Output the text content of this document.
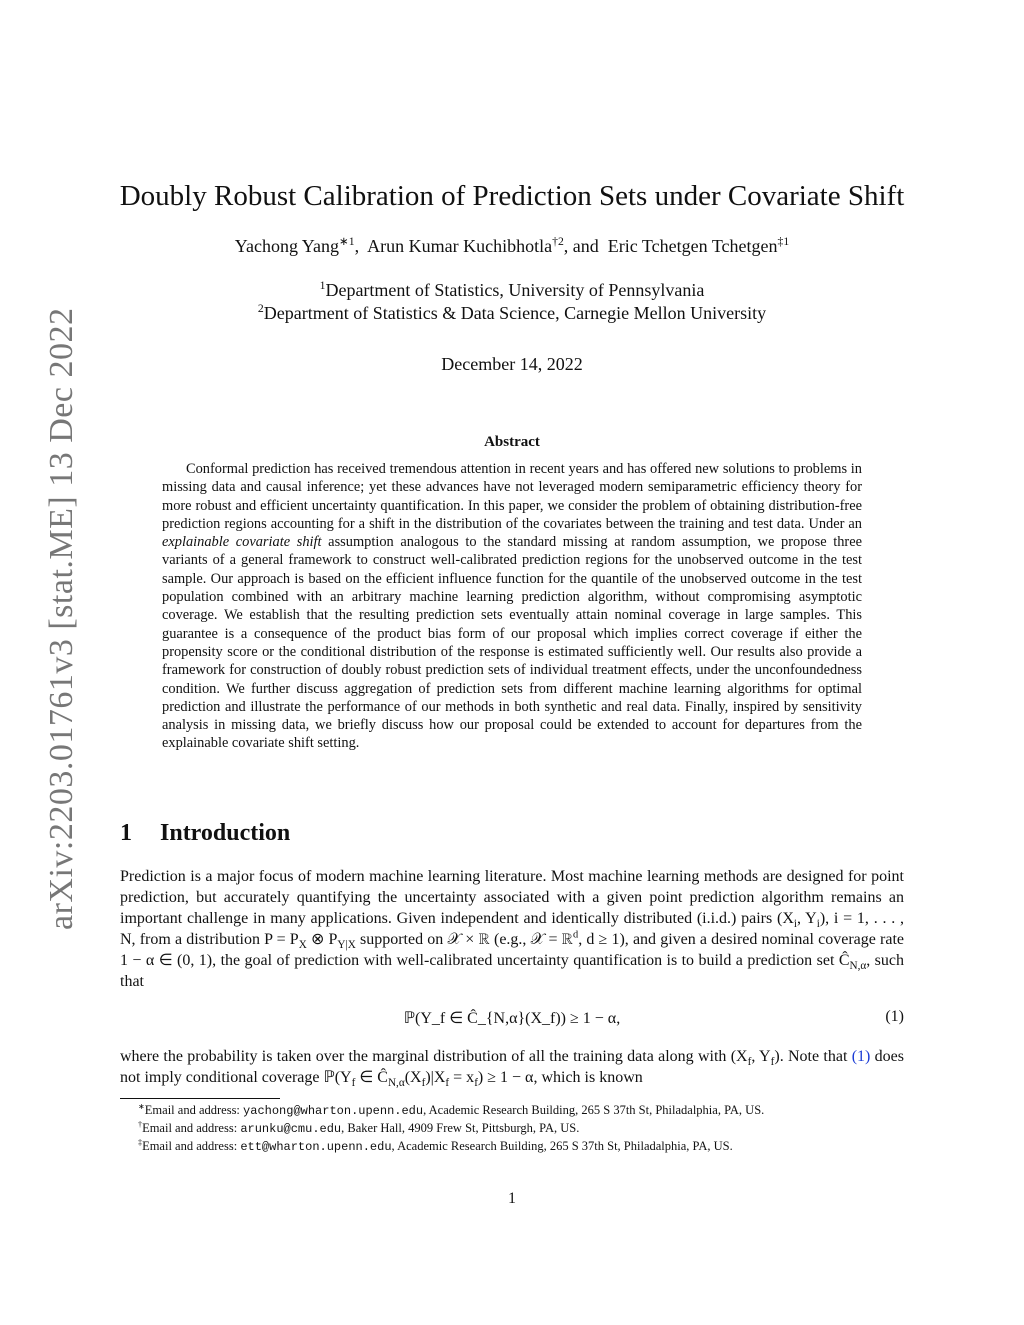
arXiv:2203.01761v3 [stat.ME] 13 Dec 2022
Doubly Robust Calibration of Prediction Sets under Covariate Shift
Yachong Yang$^{∗1}$, Arun Kumar Kuchibhotla$^{\dagger 2}$, and Eric Tchetgen Tchetgen$^{\ddagger 1}$
$^1$Department of Statistics, University of Pennsylvania
$^2$Department of Statistics & Data Science, Carnegie Mellon University
December 14, 2022
Abstract
Conformal prediction has received tremendous attention in recent years and has offered new solutions to problems in missing data and causal inference; yet these advances have not leveraged modern semiparametric efficiency theory for more robust and efficient uncertainty quantification. In this paper, we consider the problem of obtaining distribution-free prediction regions accounting for a shift in the distribution of the covariates between the training and test data. Under an explainable covariate shift assumption analogous to the standard missing at random assumption, we propose three variants of a general framework to construct well-calibrated prediction regions for the unobserved outcome in the test sample. Our approach is based on the efficient influence function for the quantile of the unobserved outcome in the test population combined with an arbitrary machine learning prediction algorithm, without compromising asymptotic coverage. We establish that the resulting prediction sets eventually attain nominal coverage in large samples. This guarantee is a consequence of the product bias form of our proposal which implies correct coverage if either the propensity score or the conditional distribution of the response is estimated sufficiently well. Our results also provide a framework for construction of doubly robust prediction sets of individual treatment effects, under the unconfoundedness condition. We further discuss aggregation of prediction sets from different machine learning algorithms for optimal prediction and illustrate the performance of our methods in both synthetic and real data. Finally, inspired by sensitivity analysis in missing data, we briefly discuss how our proposal could be extended to account for departures from the explainable covariate shift setting.
1 Introduction
Prediction is a major focus of modern machine learning literature. Most machine learning methods are designed for point prediction, but accurately quantifying the uncertainty associated with a given point prediction algorithm remains an important challenge in many applications. Given independent and identically distributed (i.i.d.) pairs ($X_i$, $Y_i$), i = 1, . . . , N, from a distribution $P = P_X$ ⊗ $P_{Y|X}$ supported on 𝒳 × ℝ (e.g., 𝒳 = ℝ$^d$, d ≥ 1), and given a desired nominal coverage rate 1 − α ∈ (0, 1), the goal of prediction with well-calibrated uncertainty quantification is to build a prediction set $Ĉ_{N,\alpha}$, such that
ℙ(Y_f ∈ Ĉ_{N,α}(X_f)) ≥ 1 − α,	(1)
where the probability is taken over the marginal distribution of all the training data along with ($X_f$, $Y_f$). Note that (1) does not imply conditional coverage $ℙ(Y_f$ ∈ $Ĉ_{N,\alpha}(X_f)|X_f = x_f) \ge 1 - \alpha$, which is known
∗Email and address: yachong@wharton.upenn.edu, Academic Research Building, 265 S 37th St, Philadalphia, PA, US.
†Email and address: arunku@cmu.edu, Baker Hall, 4909 Frew St, Pittsburgh, PA, US.
‡Email and address: ett@wharton.upenn.edu, Academic Research Building, 265 S 37th St, Philadalphia, PA, US.
1
